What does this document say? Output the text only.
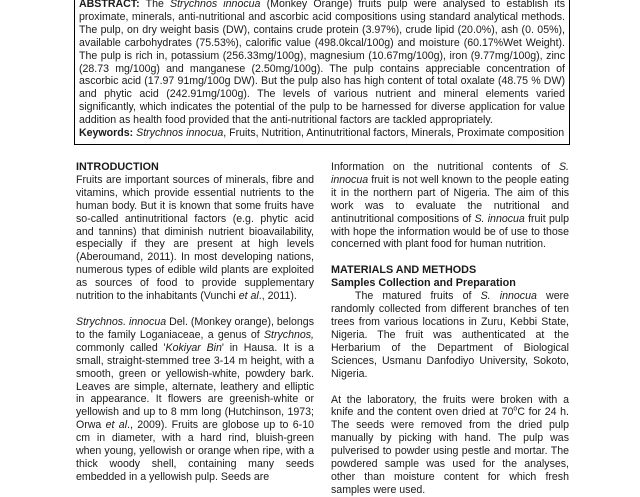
ABSTRACT: The Strychnos innocua (Monkey Orange) fruits pulp were analysed to establish its proximate, minerals, anti-nutritional and ascorbic acid compositions using standard analytical methods. The pulp, on dry weight basis (DW), contains crude protein (3.97%), crude lipid (20.0%), ash (0. 05%), available carbohydrates (75.53%), calorific value (498.0kcal/100g) and moisture (60.17%Wet Weight). The pulp is rich in, potassium (256.33mg/100g), magnesium (10.67mg/100g), iron (9.77mg/100g), zinc (28.73 mg/100g) and manganese (2.50mg/100g). The pulp contains appreciable concentration of ascorbic acid (17.97 91mg/100g DW). But the pulp also has high content of total oxalate (48.75 % DW) and phytic acid (242.91mg/100g). The levels of various nutrient and mineral elements varied significantly, which indicates the potential of the pulp to be harnessed for diverse application for value addition as health food provided that the anti-nutritional factors are tackled appropriately.

Keywords: Strychnos innocua, Fruits, Nutrition, Antinutritional factors, Minerals, Proximate composition

INTRODUCTION

Fruits are important sources of minerals, fibre and vitamins, which provide essential nutrients to the human body. But it is known that some fruits have so-called antinutritional factors (e.g. phytic acid and tannins) that diminish nutrient bioavailability, especially if they are present at high levels (Aberoumand, 2011). In most developing nations, numerous types of edible wild plants are exploited as sources of food to provide supplementary nutrition to the inhabitants (Vunchi et al., 2011).

Strychnos. innocua Del. (Monkey orange), belongs to the family Loganiaceae, a genus of Strychnos, commonly called 'Kokiyar Bin' in Hausa. It is a small, straight-stemmed tree 3-14 m height, with a smooth, green or yellowish-white, powdery bark. Leaves are simple, alternate, leathery and elliptic in appearance. It flowers are greenish-white or yellowish and up to 8 mm long (Hutchinson, 1973; Orwa et al., 2009). Fruits are globose up to 6-10 cm in diameter, with a hard rind, bluish-green when young, yellowish or orange when ripe, with a thick woody shell, containing many seeds embedded in a yellowish pulp. Seeds are

Information on the nutritional contents of S. innocua fruit is not well known to the people eating it in the northern part of Nigeria. The aim of this work was to evaluate the nutritional and antinutritional compositions of S. innocua fruit pulp with hope the information would be of use to those concerned with plant food for human nutrition.

MATERIALS AND METHODS

Samples Collection and Preparation

The matured fruits of S. innocua were randomly collected from different branches of ten trees from various locations in Zuru, Kebbi State, Nigeria. The fruit was authenticated at the Herbarium of the Department of Biological Sciences, Usmanu Danfodiyo University, Sokoto, Nigeria.

At the laboratory, the fruits were broken with a knife and the content oven dried at 70$^o$C for 24 h. The seeds were removed from the dried pulp manually by picking with hand. The pulp was pulverised to powder using pestle and mortar. The powdered sample was used for the analyses, other than moisture content for which fresh samples were used.
